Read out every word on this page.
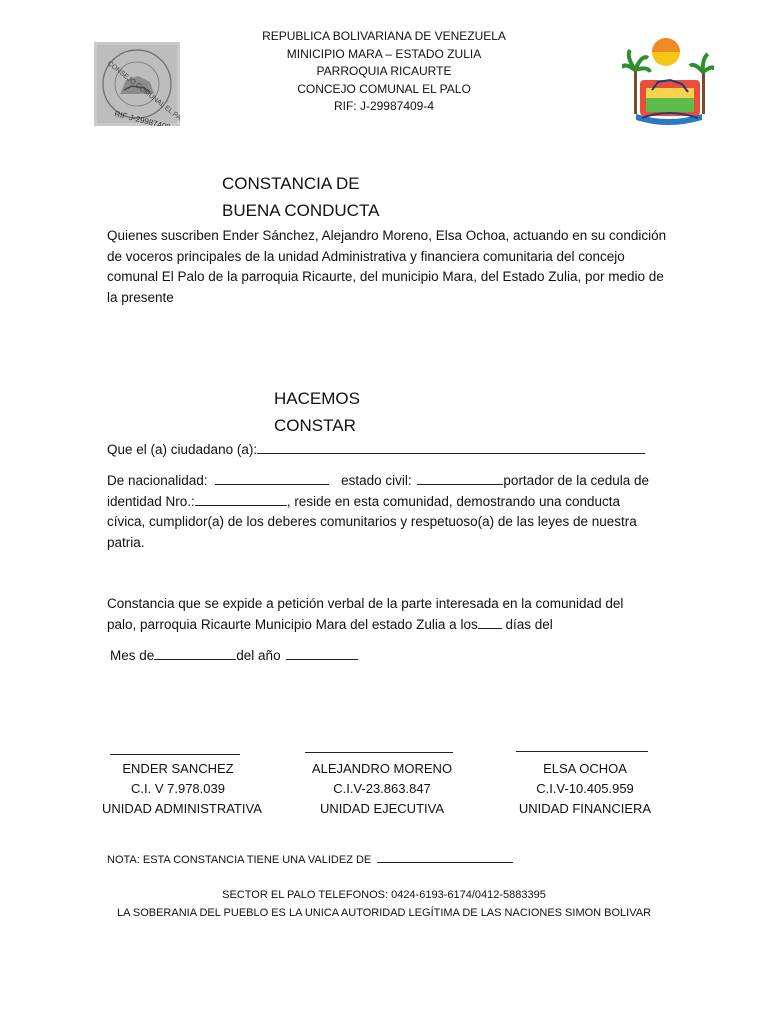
REPUBLICA BOLIVARIANA DE VENEZUELA
MINICIPIO MARA – ESTADO ZULIA
PARROQUIA RICAURTE
CONCEJO COMUNAL EL PALO
RIF: J-29987409-4
CONSEJO COMUNAL EL PALO
RIF J-29987409-4
CONSTANCIA DE
BUENA CONDUCTA
Quienes suscriben Ender Sánchez, Alejandro Moreno, Elsa Ochoa, actuando en su condición de voceros principales de la unidad Administrativa y financiera comunitaria del concejo comunal El Palo de la parroquia Ricaurte, del municipio Mara, del Estado Zulia, por medio de la presente
HACEMOS
CONSTAR
Que el (a) ciudadano (a):
De nacionalidad:	estado civil:	portador de la cedula de
identidad Nro.:	, reside en esta comunidad, demostrando una conducta
cívica, cumplidor(a) de los deberes comunitarios y respetuoso(a) de las leyes de nuestra
patria.
Constancia que se expide a petición verbal de la parte interesada en la comunidad del
palo, parroquia Ricaurte Municipio Mara del estado Zulia a los días del
Mes de	del año
ENDER SANCHEZ
C.I. V 7.978.039
UNIDAD ADMINISTRATIVA
ALEJANDRO MORENO
C.I.V-23.863.847
UNIDAD EJECUTIVA
ELSA OCHOA
C.I.V-10.405.959
UNIDAD FINANCIERA
NOTA: ESTA CONSTANCIA TIENE UNA VALIDEZ DE
SECTOR EL PALO TELEFONOS: 0424-6193-6174/0412-5883395
LA SOBERANIA DEL PUEBLO ES LA UNICA AUTORIDAD LEGÍTIMA DE LAS NACIONES SIMON BOLIVAR
